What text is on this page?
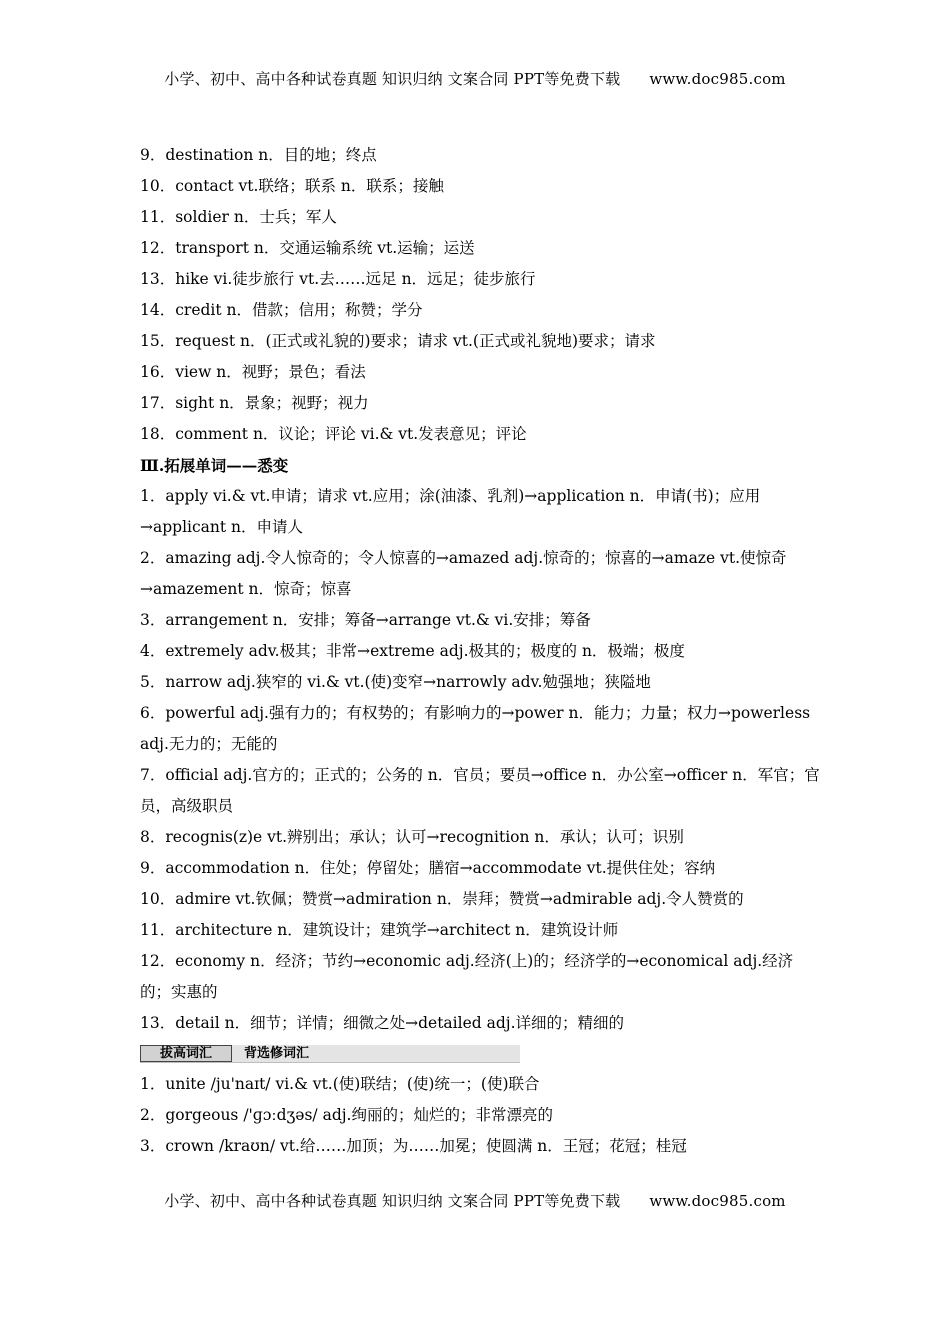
小学、初中、高中各种试卷真题 知识归纳 文案合同 PPT等免费下载 www.doc985.com
9．destination n．目的地；终点
10．contact vt.联络；联系 n．联系；接触
11．soldier n．士兵；军人
12．transport n．交通运输系统 vt.运输；运送
13．hike vi.徒步旅行 vt.去……远足 n．远足；徒步旅行
14．credit n．借款；信用；称赞；学分
15．request n．(正式或礼貌的)要求；请求 vt.(正式或礼貌地)要求；请求
16．view n．视野；景色；看法
17．sight n．景象；视野；视力
18．comment n．议论；评论 vi.& vt.发表意见；评论
Ⅲ.拓展单词——悉变
1．apply vi.& vt.申请；请求 vt.应用；涂(油漆、乳剂)→application n．申请(书)；应用→applicant n．申请人
2．amazing adj.令人惊奇的；令人惊喜的→amazed adj.惊奇的；惊喜的→amaze vt.使惊奇→amazement n．惊奇；惊喜
3．arrangement n．安排；筹备→arrange vt.& vi.安排；筹备
4．extremely adv.极其；非常→extreme adj.极其的；极度的 n．极端；极度
5．narrow adj.狭窄的 vi.& vt.(使)变窄→narrowly adv.勉强地；狭隘地
6．powerful adj.强有力的；有权势的；有影响力的→power n．能力；力量；权力→powerless adj.无力的；无能的
7．official adj.官方的；正式的；公务的 n．官员；要员→office n．办公室→officer n．军官；官员，高级职员
8．recognis(z)e vt.辨别出；承认；认可→recognition n．承认；认可；识别
9．accommodation n．住处；停留处；膳宿→accommodate vt.提供住处；容纳
10．admire vt.钦佩；赞赏→admiration n．崇拜；赞赏→admirable adj.令人赞赏的
11．architecture n．建筑设计；建筑学→architect n．建筑设计师
12．economy n．经济；节约→economic adj.经济(上)的；经济学的→economical adj.经济的；实惠的
13．detail n．细节；详情；细微之处→detailed adj.详细的；精细的
拔高词汇	背选修词汇
1．unite /ju'naɪt/ vi.& vt.(使)联结；(使)统一；(使)联合
2．gorgeous /'ɡɔːdʒəs/ adj.绚丽的；灿烂的；非常漂亮的
3．crown /kraʊn/ vt.给……加顶；为……加冕；使圆满 n．王冠；花冠；桂冠
小学、初中、高中各种试卷真题 知识归纳 文案合同 PPT等免费下载 www.doc985.com
